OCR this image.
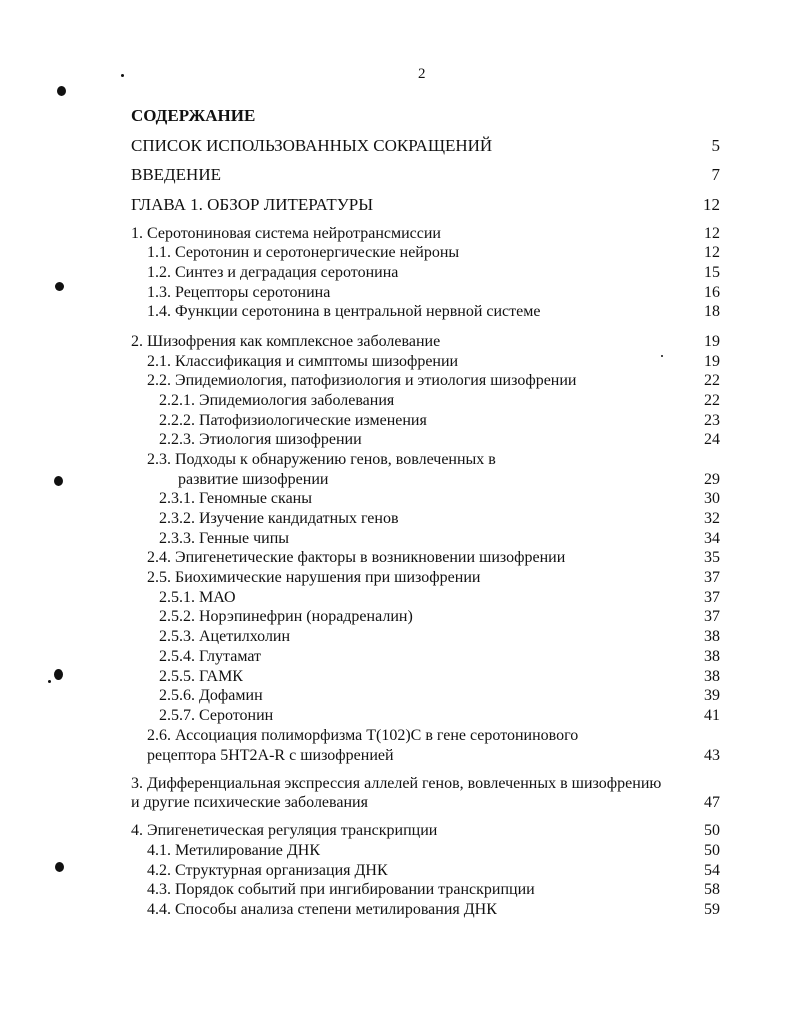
2
СОДЕРЖАНИЕ
СПИСОК ИСПОЛЬЗОВАННЫХ СОКРАЩЕНИЙ	5
ВВЕДЕНИЕ	7
ГЛАВА 1. ОБЗОР ЛИТЕРАТУРЫ	12
1. Серотониновая система нейротрансмиссии	12
1.1. Серотонин и серотонергические нейроны	12
1.2. Синтез и деградация серотонина	15
1.3. Рецепторы серотонина	16
1.4. Функции серотонина в центральной нервной системе	18
2. Шизофрения как комплексное заболевание	19
2.1. Классификация и симптомы шизофрении	19
2.2. Эпидемиология, патофизиология и этиология шизофрении	22
2.2.1. Эпидемиология заболевания	22
2.2.2. Патофизиологические изменения	23
2.2.3. Этиология шизофрении	24
2.3. Подходы к обнаружению генов, вовлеченных в
развитие шизофрении	29
2.3.1. Геномные сканы	30
2.3.2. Изучение кандидатных генов	32
2.3.3. Генные чипы	34
2.4. Эпигенетические факторы в возникновении шизофрении	35
2.5. Биохимические нарушения при шизофрении	37
2.5.1. МАО	37
2.5.2. Норэпинефрин (норадреналин)	37
2.5.3. Ацетилхолин	38
2.5.4. Глутамат	38
2.5.5. ГАМК	38
2.5.6. Дофамин	39
2.5.7. Серотонин	41
2.6. Ассоциация полиморфизма T(102)C в гене серотонинового
рецептора 5HT2A-R с шизофренией	43
3. Дифференциальная экспрессия аллелей генов, вовлеченных в шизофрению
и другие психические заболевания	47
4. Эпигенетическая регуляция транскрипции	50
4.1. Метилирование ДНК	50
4.2. Структурная организация ДНК	54
4.3. Порядок событий при ингибировании транскрипции	58
4.4. Способы анализа степени метилирования ДНК	59
